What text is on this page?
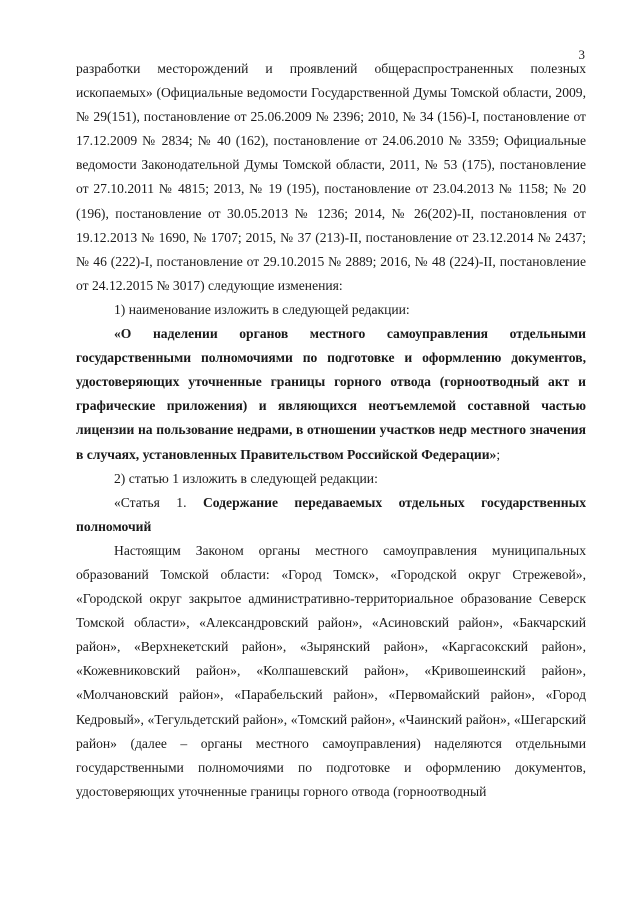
3

разработки месторождений и проявлений общераспространенных полезных ископаемых» (Официальные ведомости Государственной Думы Томской области, 2009, № 29(151), постановление от 25.06.2009 № 2396; 2010, № 34 (156)-I, постановление от 17.12.2009 № 2834; № 40 (162), постановление от 24.06.2010 № 3359; Официальные ведомости Законодательной Думы Томской области, 2011, № 53 (175), постановление от 27.10.2011 № 4815; 2013, № 19 (195), постановление от 23.04.2013 № 1158; № 20 (196), постановление от 30.05.2013 № 1236; 2014, № 26(202)-II, постановления от 19.12.2013 № 1690, № 1707; 2015, № 37 (213)-II, постановление от 23.12.2014 № 2437; № 46 (222)-I, постановление от 29.10.2015 № 2889; 2016, № 48 (224)-II, постановление от 24.12.2015 № 3017) следующие изменения:

1) наименование изложить в следующей редакции:

«О наделении органов местного самоуправления отдельными государственными полномочиями по подготовке и оформлению документов, удостоверяющих уточненные границы горного отвода (горноотводный акт и графические приложения) и являющихся неотъемлемой составной частью лицензии на пользование недрами, в отношении участков недр местного значения в случаях, установленных Правительством Российской Федерации»;

2) статью 1 изложить в следующей редакции:

«Статья 1. Содержание передаваемых отдельных государственных полномочий

Настоящим Законом органы местного самоуправления муниципальных образований Томской области: «Город Томск», «Городской округ Стрежевой», «Городской округ закрытое административно-территориальное образование Северск Томской области», «Александровский район», «Асиновский район», «Бакчарский район», «Верхнекетский район», «Зырянский район», «Каргасокский район», «Кожевниковский район», «Колпашевский район», «Кривошеинский район», «Молчановский район», «Парабельский район», «Первомайский район», «Город Кедровый», «Тегульдетский район», «Томский район», «Чаинский район», «Шегарский район» (далее – органы местного самоуправления) наделяются отдельными государственными полномочиями по подготовке и оформлению документов, удостоверяющих уточненные границы горного отвода (горноотводный
